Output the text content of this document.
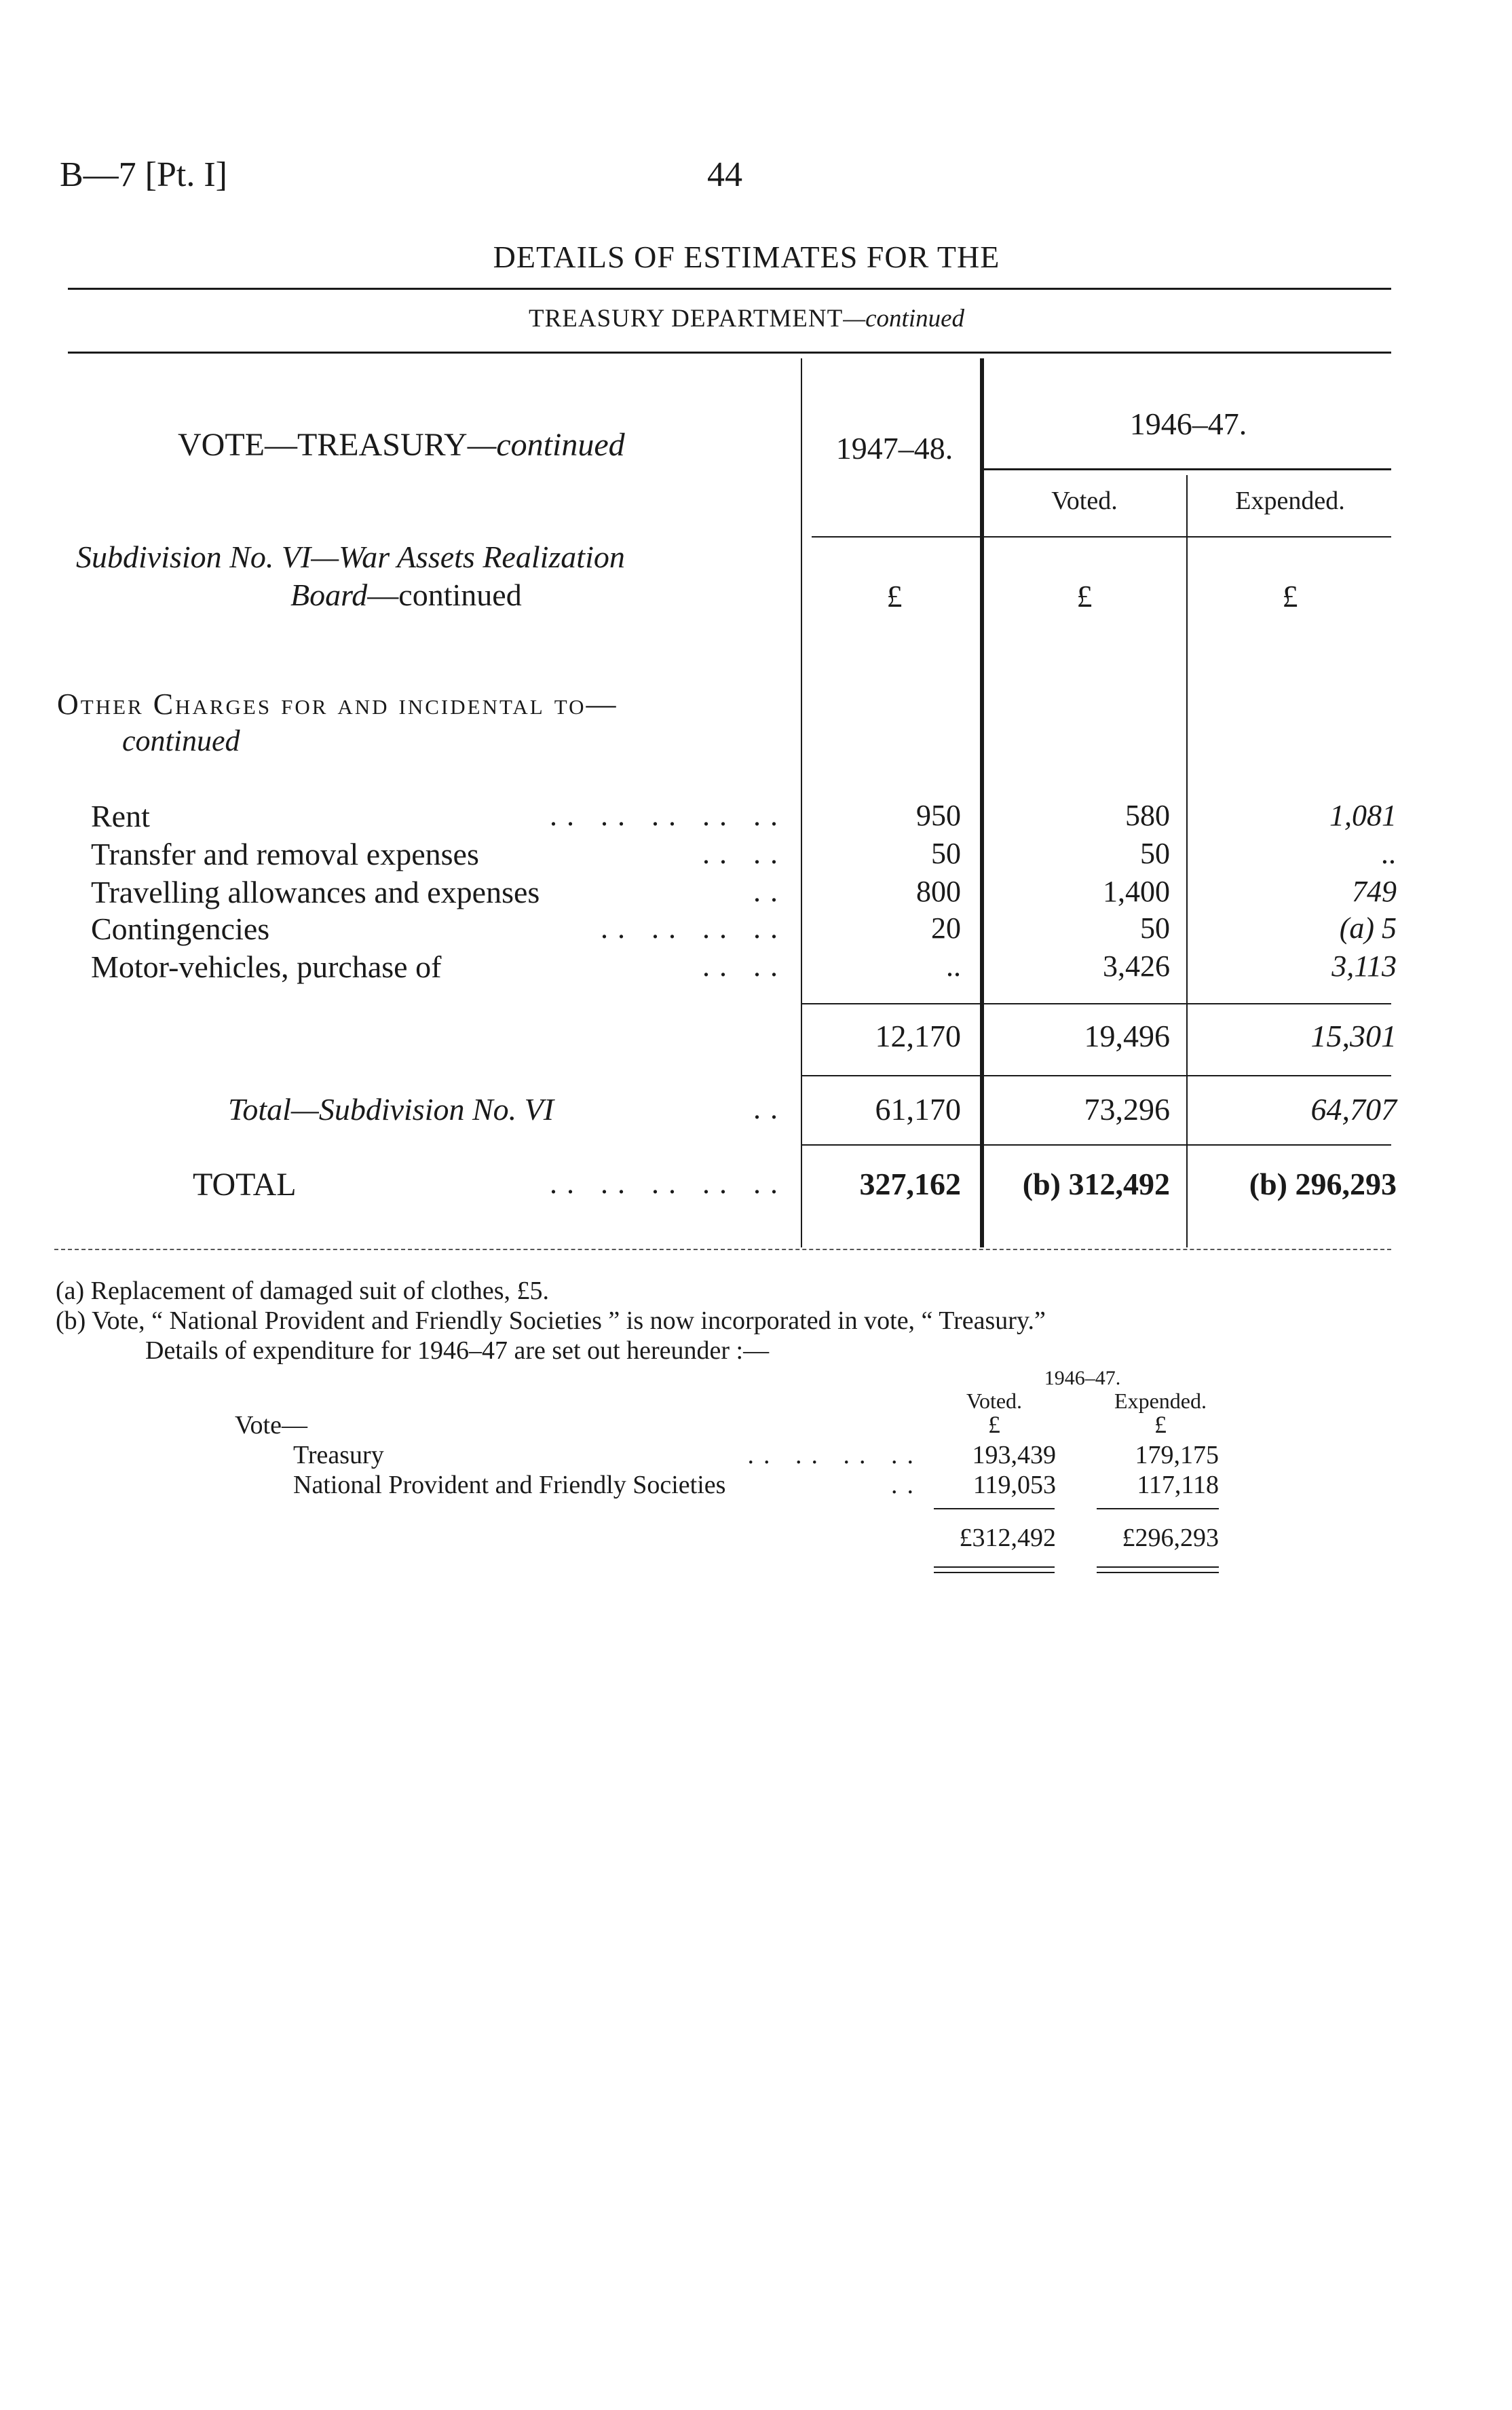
B—7 [Pt. I]	44
DETAILS OF ESTIMATES FOR THE
TREASURY DEPARTMENT—continued
VOTE—TREASURY—continued	1947–48.
1946–47.
Voted.	Expended.
Subdivision No. VI—War Assets Realization
Board—continued	£	£	£
Other Charges for and incidental to—
continued
Rent	.. .. .. .. ..	950	580	1,081
Transfer and removal expenses	.. ..	50	50	..
Travelling allowances and expenses	..	800	1,400	749
Contingencies	.. .. .. ..	20	50	(a) 5
Motor-vehicles, purchase of	.. ..	..	3,426	3,113
12,170	19,496	15,301
Total—Subdivision No. VI	..	61,170	73,296	64,707
TOTAL	.. .. .. .. ..	327,162	(b) 312,492	(b) 296,293
(a) Replacement of damaged suit of clothes, £5.
(b) Vote, “ National Provident and Friendly Societies ” is now incorporated in vote, “ Treasury.”
Details of expenditure for 1946–47 are set out hereunder :—
1946–47.
Voted.	Expended.
Vote—	£	£
Treasury	.. .. .. ..	193,439	179,175
National Provident and Friendly Societies	..	119,053	117,118
£312,492	£296,293
